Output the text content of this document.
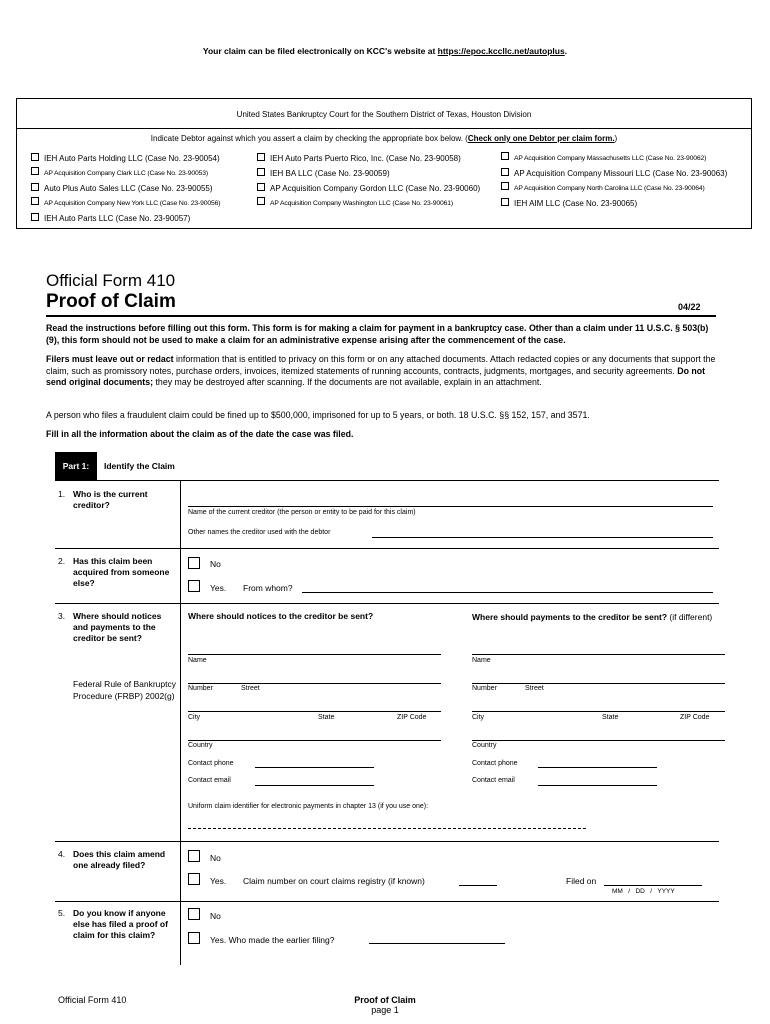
Your claim can be filed electronically on KCC's website at https://epoc.kccllc.net/autoplus.
United States Bankruptcy Court for the Southern District of Texas, Houston Division
Indicate Debtor against which you assert a claim by checking the appropriate box below. (Check only one Debtor per claim form.)
IEH Auto Parts Holding LLC (Case No. 23-90054)
AP Acquisition Company Clark LLC (Case No. 23-90053)
Auto Plus Auto Sales LLC (Case No. 23-90055)
AP Acquisition Company New York LLC (Case No. 23-90056)
IEH Auto Parts LLC (Case No. 23-90057)
IEH Auto Parts Puerto Rico, Inc. (Case No. 23-90058)
IEH BA LLC (Case No. 23-90059)
AP Acquisition Company Gordon LLC (Case No. 23-90060)
AP Acquisition Company Washington LLC (Case No. 23-90061)
AP Acquisition Company Massachusetts LLC (Case No. 23-90062)
AP Acquisition Company Missouri LLC (Case No. 23-90063)
AP Acquisition Company North Carolina LLC (Case No. 23-90064)
IEH AIM LLC (Case No. 23-90065)
Official Form 410
Proof of Claim	04/22
Read the instructions before filling out this form. This form is for making a claim for payment in a bankruptcy case. Other than a claim under 11 U.S.C. § 503(b)(9), this form should not be used to make a claim for an administrative expense arising after the commencement of the case.
Filers must leave out or redact information that is entitled to privacy on this form or on any attached documents. Attach redacted copies or any documents that support the claim, such as promissory notes, purchase orders, invoices, itemized statements of running accounts, contracts, judgments, mortgages, and security agreements. Do not send original documents; they may be destroyed after scanning. If the documents are not available, explain in an attachment.
A person who files a fraudulent claim could be fined up to $500,000, imprisoned for up to 5 years, or both. 18 U.S.C. §§ 152, 157, and 3571.
Fill in all the information about the claim as of the date the case was filed.
Part 1:	Identify the Claim
1. Who is the current creditor?
Name of the current creditor (the person or entity to be paid for this claim)
Other names the creditor used with the debtor
2. Has this claim been acquired from someone else?
No
Yes. From whom?
3. Where should notices and payments to the creditor be sent?
Federal Rule of Bankruptcy Procedure (FRBP) 2002(g)
Where should notices to the creditor be sent?	Where should payments to the creditor be sent? (if different)
Name
Number	Street
City	State	ZIP Code
Country
Contact phone
Contact email
Name
Number	Street
City	State	ZIP Code
Country
Contact phone
Contact email
Uniform claim identifier for electronic payments in chapter 13 (if you use one):
4. Does this claim amend one already filed?
No
Yes. Claim number on court claims registry (if known)	Filed on
MM   /   DD   /   YYYY
5. Do you know if anyone else has filed a proof of claim for this claim?
No
Yes. Who made the earlier filing?
Official Form 410	Proof of Claim
page 1
